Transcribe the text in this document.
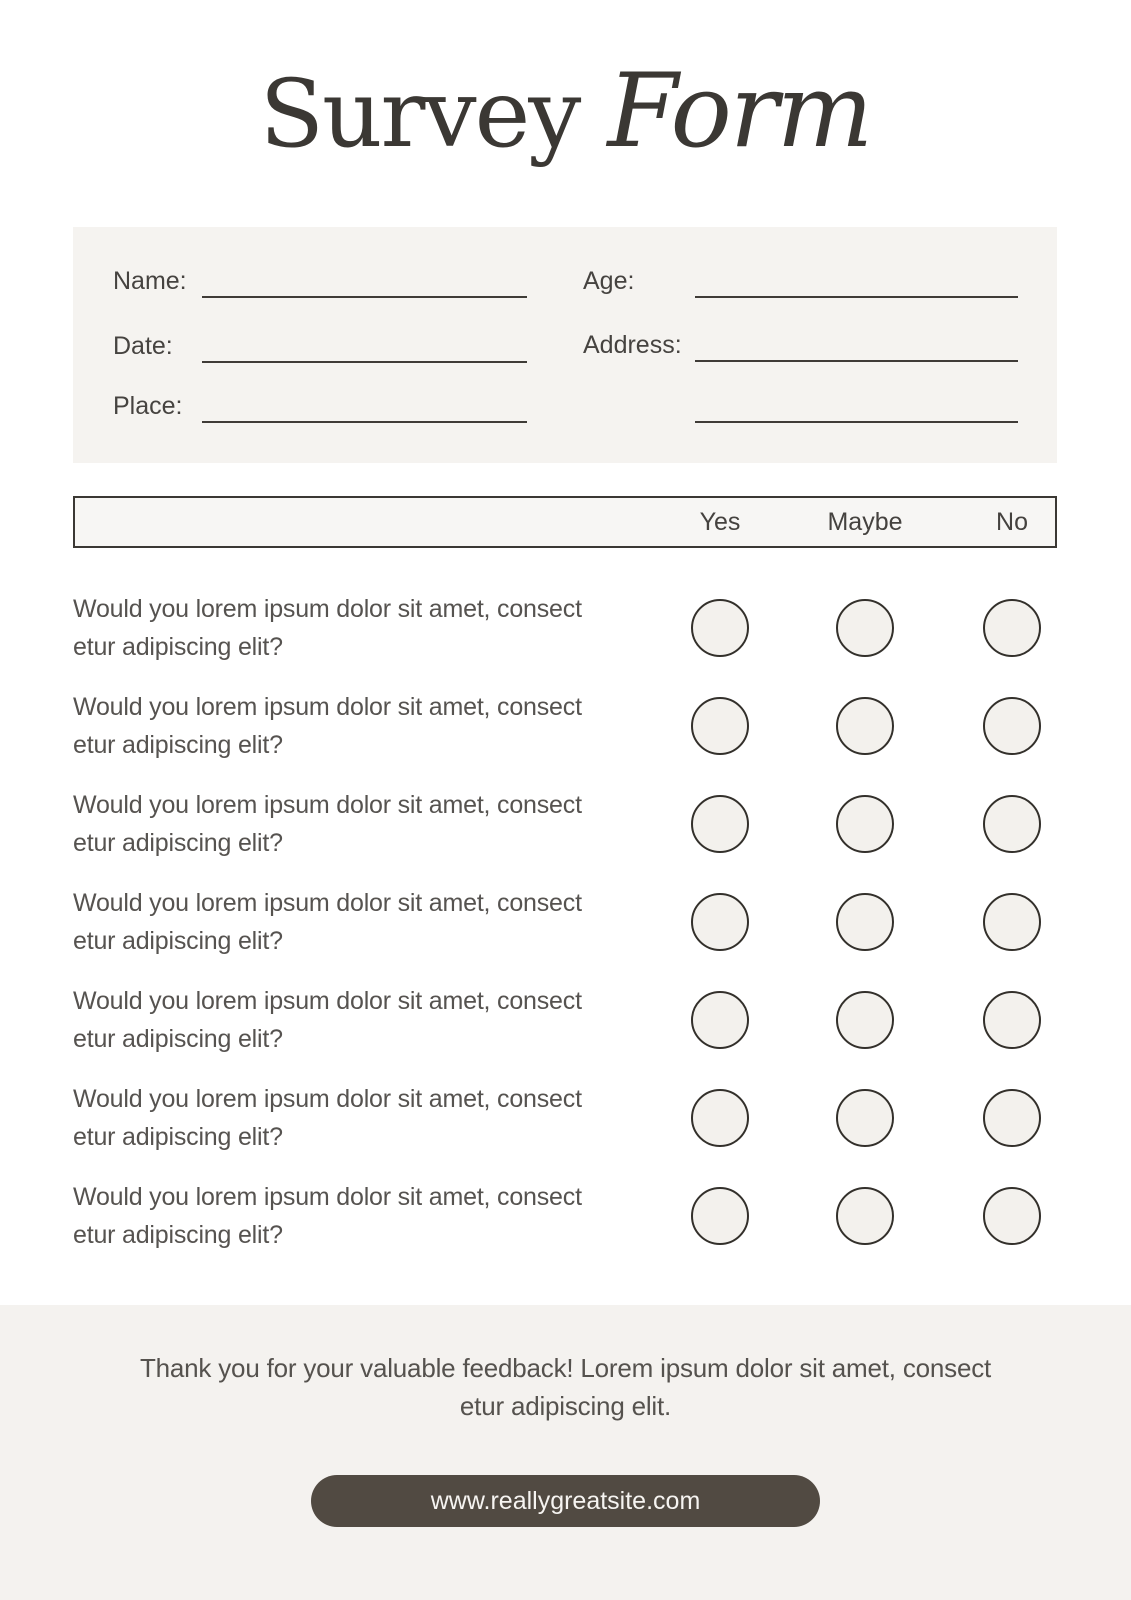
Survey Form
Name:
Date:
Place:
Age:
Address:
Yes	Maybe	No
Would you lorem ipsum dolor sit amet, consect
etur adipiscing elit?
Would you lorem ipsum dolor sit amet, consect
etur adipiscing elit?
Would you lorem ipsum dolor sit amet, consect
etur adipiscing elit?
Would you lorem ipsum dolor sit amet, consect
etur adipiscing elit?
Would you lorem ipsum dolor sit amet, consect
etur adipiscing elit?
Would you lorem ipsum dolor sit amet, consect
etur adipiscing elit?
Would you lorem ipsum dolor sit amet, consect
etur adipiscing elit?
Thank you for your valuable feedback! Lorem ipsum dolor sit amet, consect
etur adipiscing elit.
www.reallygreatsite.com
